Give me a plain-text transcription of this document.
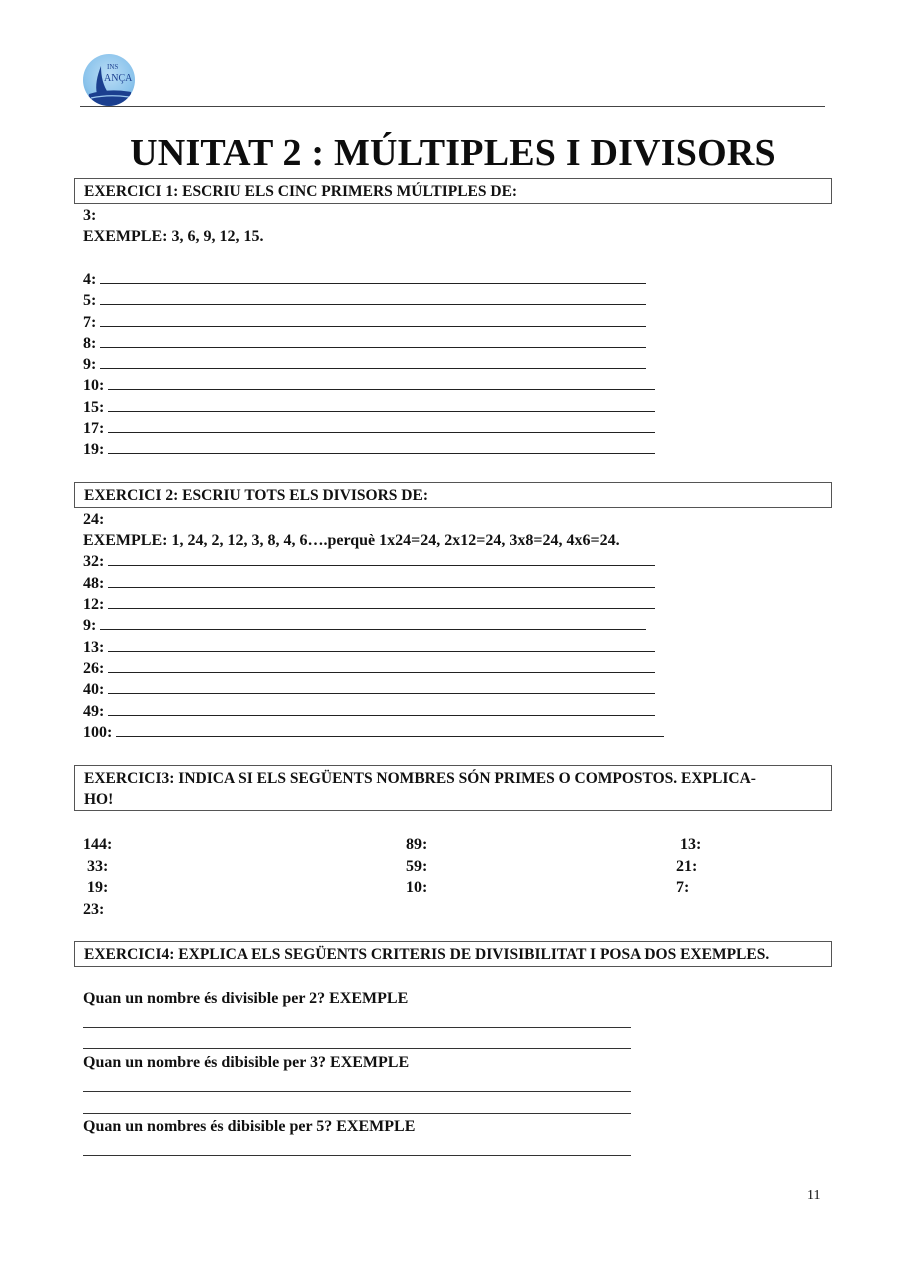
INS
ANÇA
UNITAT 2 : MÚLTIPLES I DIVISORS
EXERCICI 1: ESCRIU ELS CINC PRIMERS MÚLTIPLES DE:
3:
EXEMPLE: 3, 6, 9, 12, 15.
4:
5:
7:
8:
9:
10:
15:
17:
19:
EXERCICI 2: ESCRIU TOTS ELS DIVISORS DE:
24:
EXEMPLE: 1, 24, 2, 12, 3, 8, 4, 6….perquè 1x24=24, 2x12=24, 3x8=24, 4x6=24.
32:
48:
12:
9:
13:
26:
40:
49:
100:
EXERCICI3: INDICA SI ELS SEGÜENTS NOMBRES SÓN PRIMES O COMPOSTOS. EXPLICA-
HO!
144:
33:
19:
23:
89:
59:
10:
13:
21:
7:
EXERCICI4: EXPLICA ELS SEGÜENTS CRITERIS DE DIVISIBILITAT I POSA DOS EXEMPLES.
Quan un nombre és divisible per 2? EXEMPLE
Quan un nombre és dibisible per 3? EXEMPLE
Quan un nombres és dibisible per 5? EXEMPLE
11
